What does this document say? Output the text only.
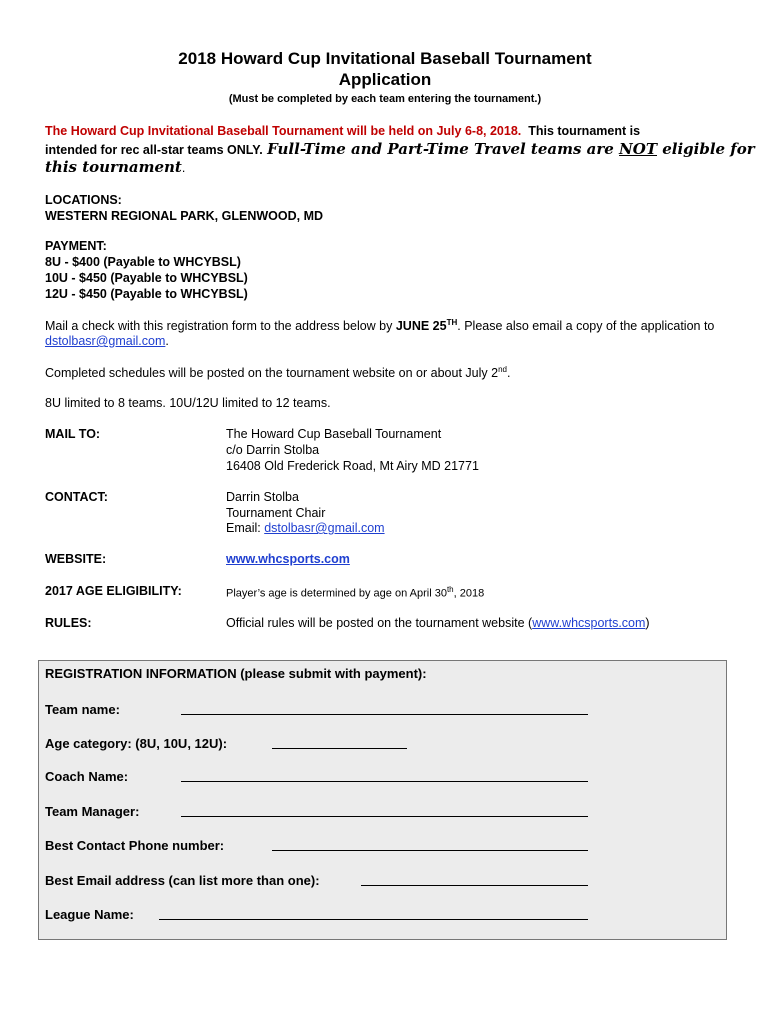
2018 Howard Cup Invitational Baseball Tournament
Application
(Must be completed by each team entering the tournament.)
The Howard Cup Invitational Baseball Tournament will be held on July 6-8, 2018. This tournament is
intended for rec all-star teams ONLY. Full-Time and Part-Time Travel teams are NOT eligible for
this tournament.
LOCATIONS:
WESTERN REGIONAL PARK, GLENWOOD, MD
PAYMENT:
8U - $400 (Payable to WHCYBSL)
10U - $450 (Payable to WHCYBSL)
12U - $450 (Payable to WHCYBSL)
Mail a check with this registration form to the address below by JUNE 25TH. Please also email a copy of the application to
dstolbasr@gmail.com.
Completed schedules will be posted on the tournament website on or about July 2nd.
8U limited to 8 teams. 10U/12U limited to 12 teams.
MAIL TO:	The Howard Cup Baseball Tournament
c/o Darrin Stolba
16408 Old Frederick Road, Mt Airy MD 21771
CONTACT:	Darrin Stolba
Tournament Chair
Email: dstolbasr@gmail.com
WEBSITE:	www.whcsports.com
2017 AGE ELIGIBILITY:	Player’s age is determined by age on April 30th, 2018
RULES:	Official rules will be posted on the tournament website (www.whcsports.com)
REGISTRATION INFORMATION (please submit with payment):
Team name:
Age category: (8U, 10U, 12U):
Coach Name:
Team Manager:
Best Contact Phone number:
Best Email address (can list more than one):
League Name:
